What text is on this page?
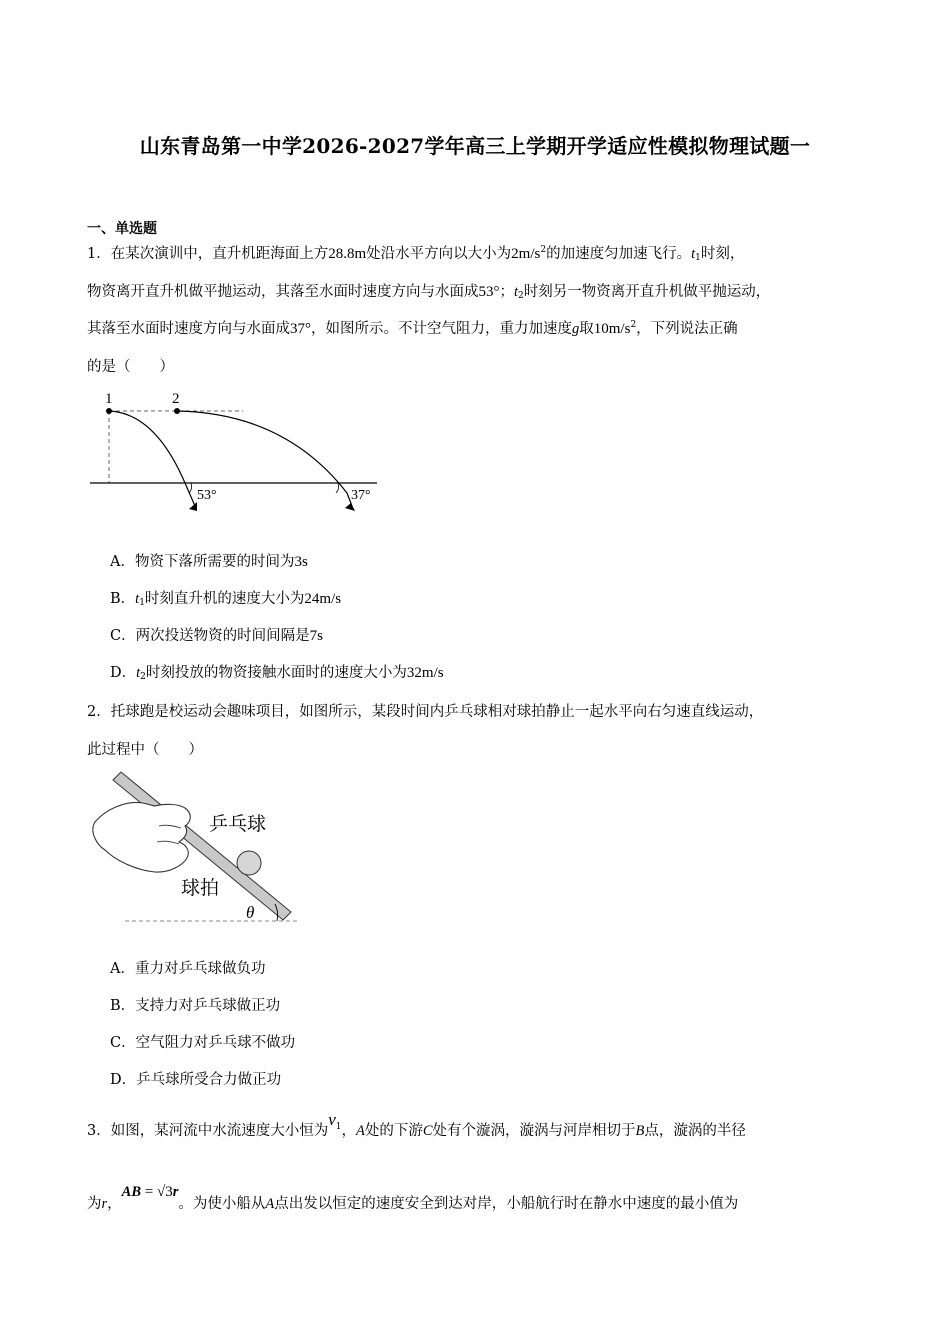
山东青岛第一中学2026-2027学年高三上学期开学适应性模拟物理试题一
一、单选题
1．在某次演训中，直升机距海面上方28.8m处沿水平方向以大小为$2m/s^2$的加速度匀加速飞行。$t_1$时刻，
物资离开直升机做平抛运动，其落至水面时速度方向与水面成53°；$t_2$时刻另一物资离开直升机做平抛运动，
其落至水面时速度方向与水面成37°，如图所示。不计空气阻力，重力加速度g取$10m/s^2$，下列说法正确
的是（　　）
1	2
53°	37°
A．物资下落所需要的时间为3s
B．$t_1$时刻直升机的速度大小为24m/s
C．两次投送物资的时间间隔是7s
D．$t_2$时刻投放的物资接触水面时的速度大小为32m/s
2．托球跑是校运动会趣味项目，如图所示，某段时间内乒乓球相对球拍静止一起水平向右匀速直线运动，
此过程中（　　）
乒乓球
球拍
θ
A．重力对乒乓球做负功
B．支持力对乒乓球做正功
C．空气阻力对乒乓球不做功
D．乒乓球所受合力做正功
3．如图，某河流中水流速度大小恒为$v_1$，A处的下游C处有个漩涡，漩涡与河岸相切于B点，漩涡的半径
为r，AB = √3r。为使小船从A点出发以恒定的速度安全到达对岸，小船航行时在静水中速度的最小值为
